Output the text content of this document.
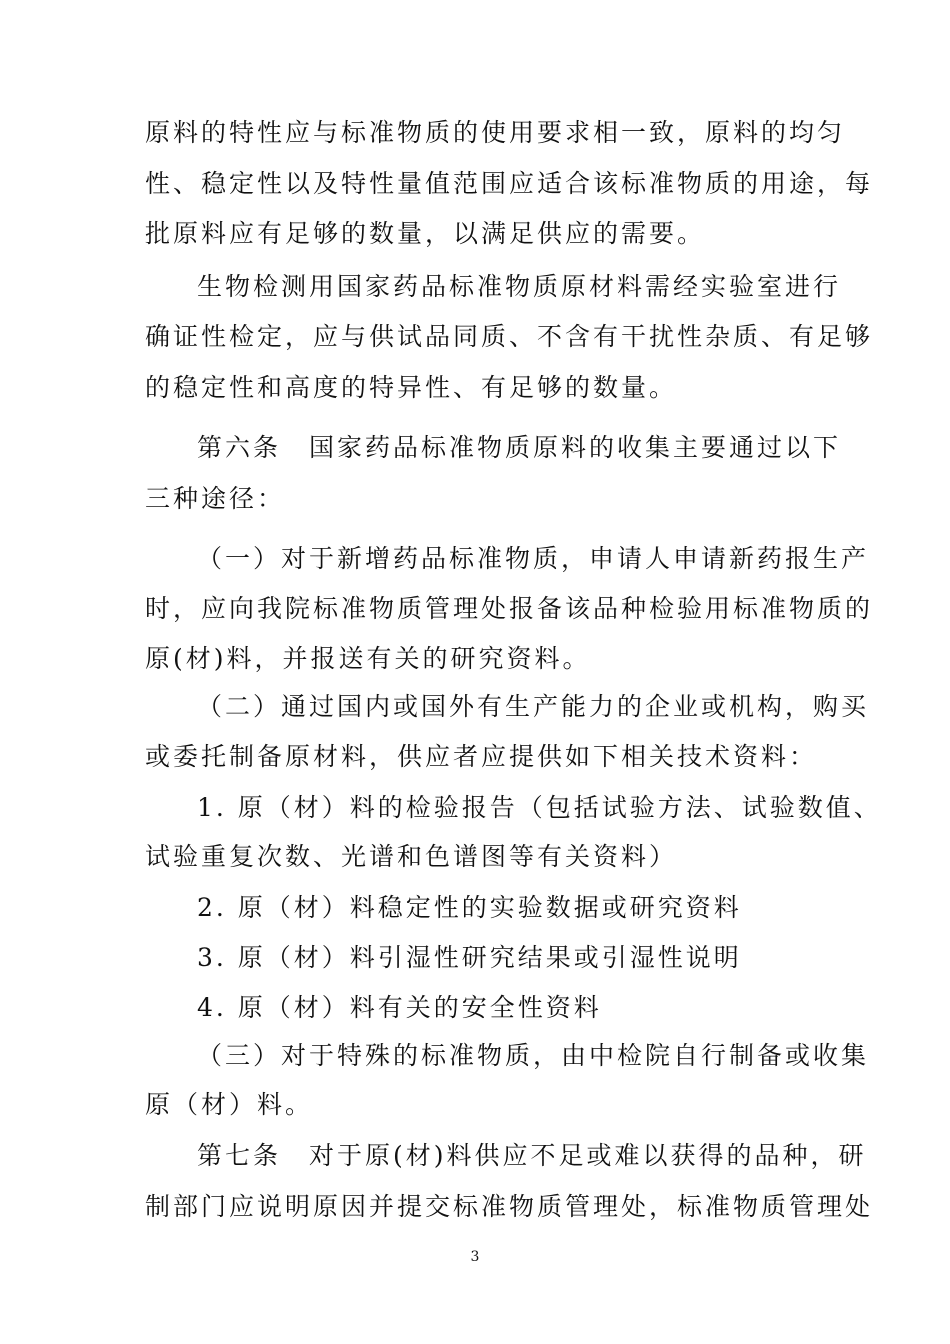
原料的特性应与标准物质的使用要求相一致，原料的均匀
性、稳定性以及特性量值范围应适合该标准物质的用途，每
批原料应有足够的数量，以满足供应的需要。
生物检测用国家药品标准物质原材料需经实验室进行
确证性检定，应与供试品同质、不含有干扰性杂质、有足够
的稳定性和高度的特异性、有足够的数量。
第六条　国家药品标准物质原料的收集主要通过以下
三种途径：
（一）对于新增药品标准物质，申请人申请新药报生产
时，应向我院标准物质管理处报备该品种检验用标准物质的
原(材)料，并报送有关的研究资料。
（二）通过国内或国外有生产能力的企业或机构，购买
或委托制备原材料，供应者应提供如下相关技术资料：
1. 原（材）料的检验报告（包括试验方法、试验数值、
试验重复次数、光谱和色谱图等有关资料）
2. 原（材）料稳定性的实验数据或研究资料
3. 原（材）料引湿性研究结果或引湿性说明
4. 原（材）料有关的安全性资料
（三）对于特殊的标准物质，由中检院自行制备或收集
原（材）料。
第七条　对于原(材)料供应不足或难以获得的品种，研
制部门应说明原因并提交标准物质管理处，标准物质管理处
3
